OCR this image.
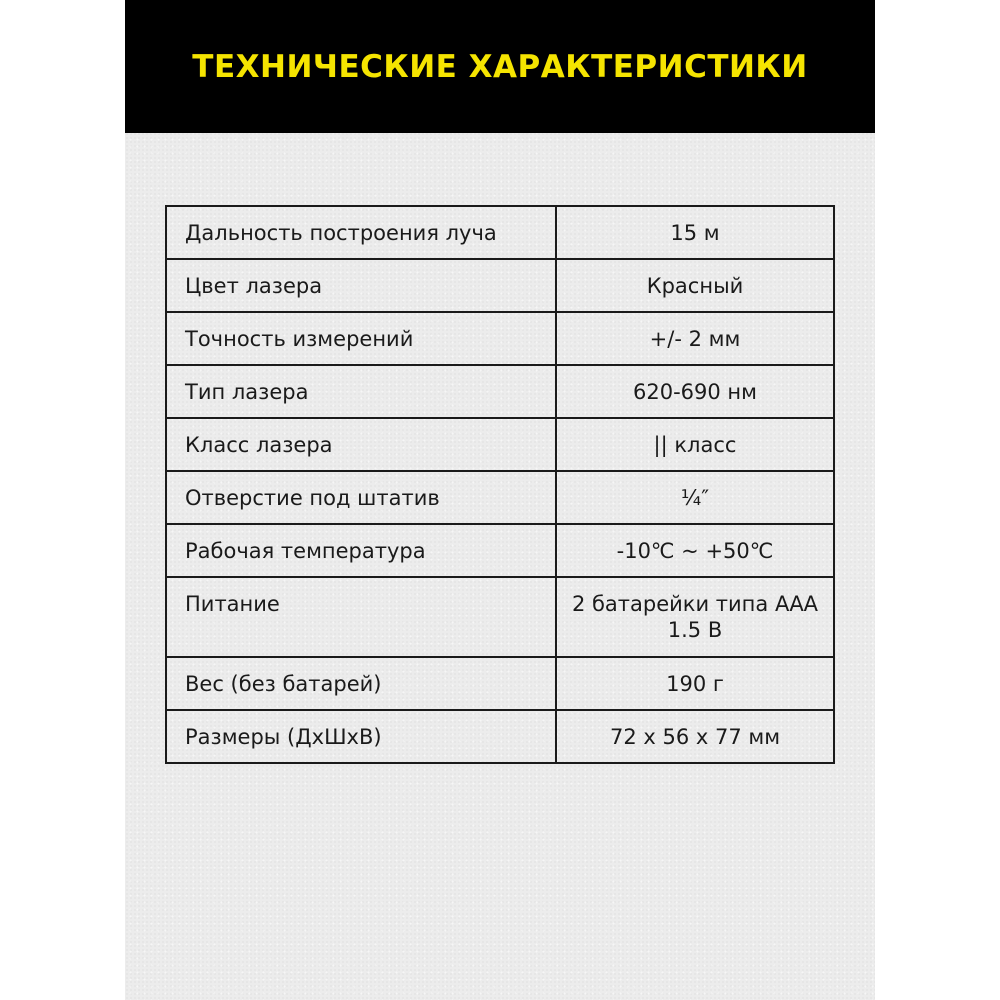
ТЕХНИЧЕСКИЕ ХАРАКТЕРИСТИКИ
Дальность построения луча	15 м
Цвет лазера	Красный
Точность измерений	+/- 2 мм
Тип лазера	620-690 нм
Класс лазера	|| класс
Отверстие под штатив	¼″
Рабочая температура	-10℃ ~ +50℃
Питание	2 батарейки типа ААА 1.5 В
Вес (без батарей)	190 г
Размеры (ДхШхВ)	72 х 56 х 77 мм
